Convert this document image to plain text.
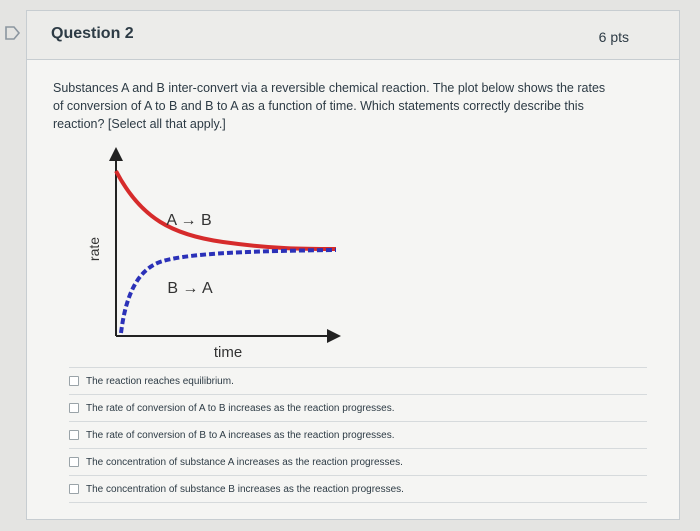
Question 2	6 pts
Substances A and B inter-convert via a reversible chemical reaction. The plot below shows the rates of conversion of A to B and B to A as a function of time. Which statements correctly describe this reaction? [Select all that apply.]
rate
time
A → B
B → A
The reaction reaches equilibrium.
The rate of conversion of A to B increases as the reaction progresses.
The rate of conversion of B to A increases as the reaction progresses.
The concentration of substance A increases as the reaction progresses.
The concentration of substance B increases as the reaction progresses.
